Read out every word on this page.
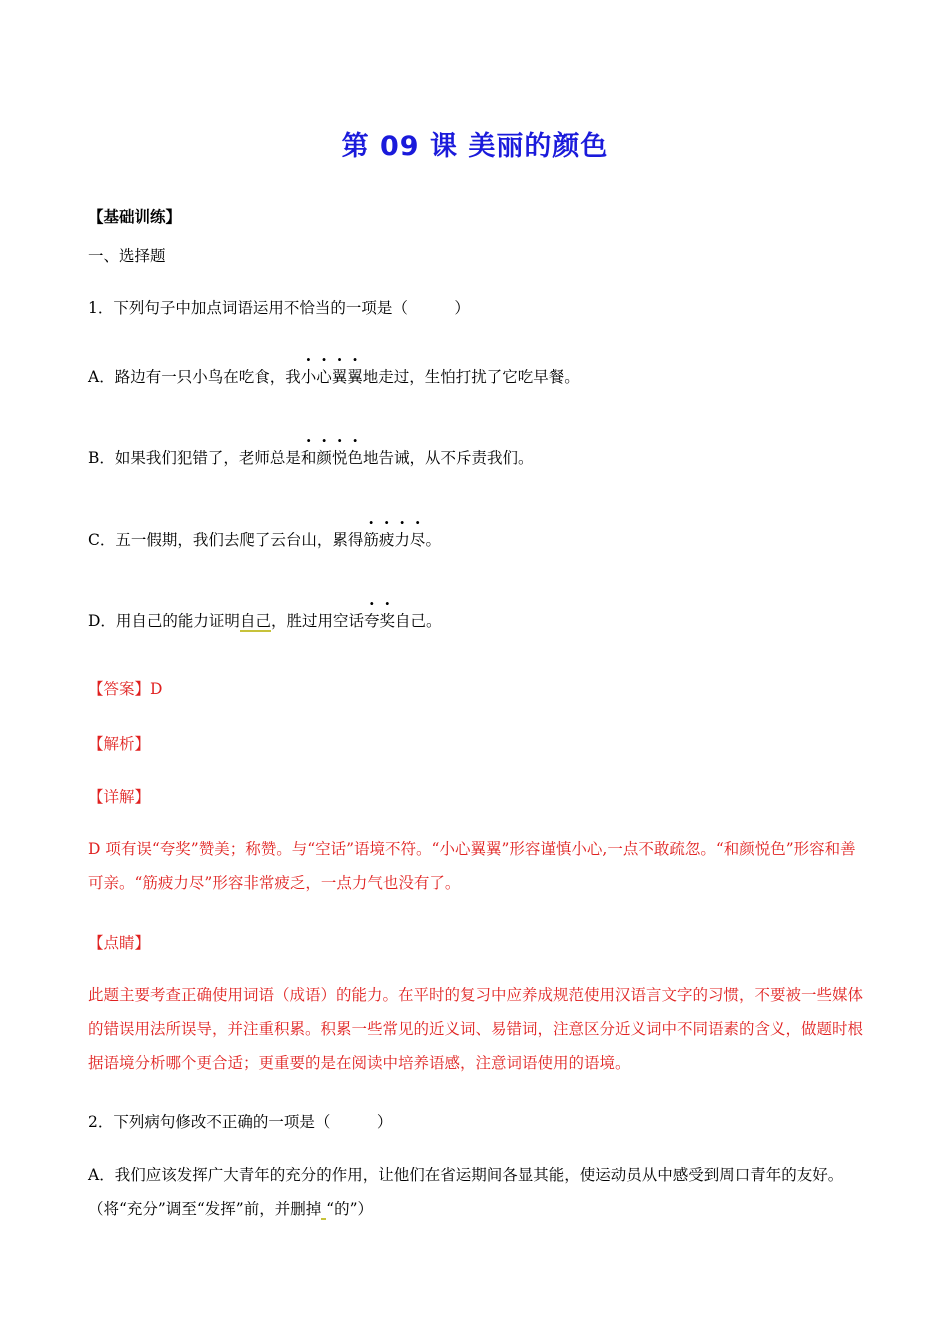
第 09 课 美丽的颜色
【基础训练】
一、选择题
1．下列句子中加点词语运用不恰当的一项是（　　　）
A．路边有一只小鸟在吃食，我小心翼翼地走过，生怕打扰了它吃早餐。
B．如果我们犯错了，老师总是和颜悦色地告诫，从不斥责我们。
C．五一假期，我们去爬了云台山，累得筋疲力尽。
D．用自己的能力证明自己，胜过用空话夸奖自己。
【答案】D
【解析】
【详解】
D 项有误“夸奖”赞美；称赞。与“空话”语境不符。“小心翼翼”形容谨慎小心,一点不敢疏忽。“和颜悦色”形容和善可亲。“筋疲力尽”形容非常疲乏，一点力气也没有了。
【点睛】
此题主要考查正确使用词语（成语）的能力。在平时的复习中应养成规范使用汉语言文字的习惯，不要被一些媒体的错误用法所误导，并注重积累。积累一些常见的近义词、易错词，注意区分近义词中不同语素的含义，做题时根据语境分析哪个更合适；更重要的是在阅读中培养语感，注意词语使用的语境。
2．下列病句修改不正确的一项是（　　　）
A．我们应该发挥广大青年的充分的作用，让他们在省运期间各显其能，使运动员从中感受到周口青年的友好。（将“充分”调至“发挥”前，并删掉 “的”）
